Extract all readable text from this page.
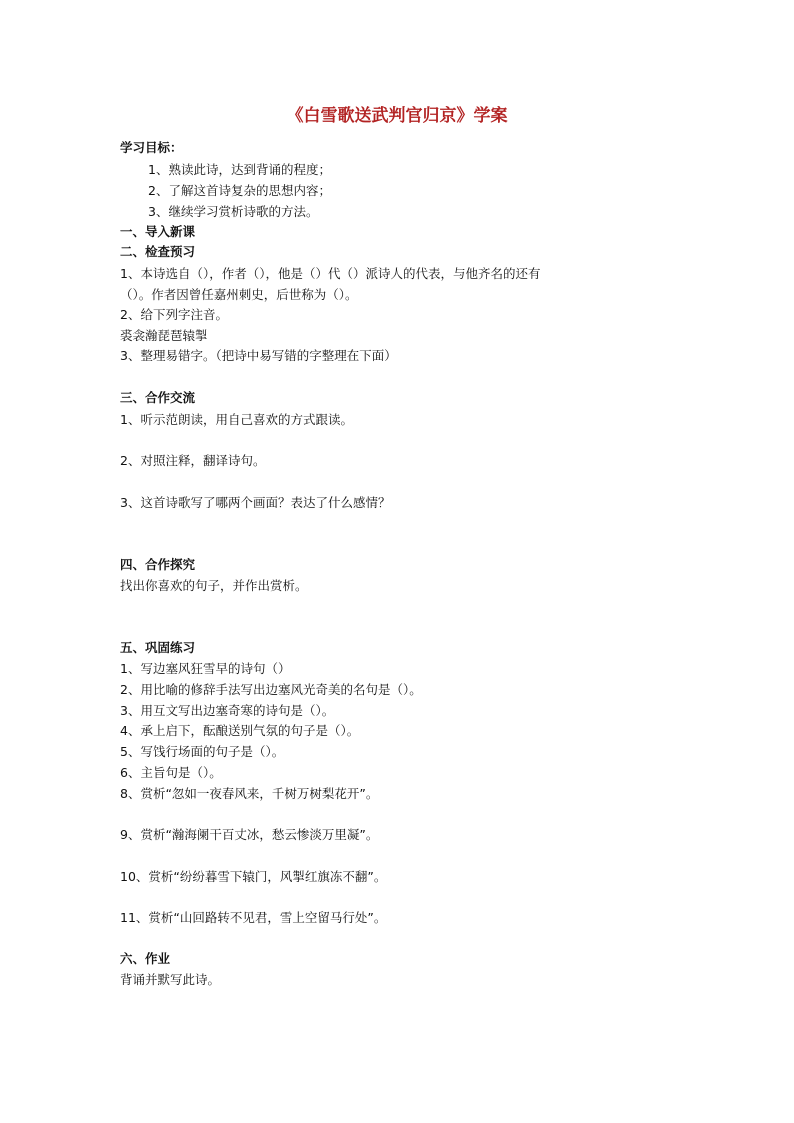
《白雪歌送武判官归京》学案
学习目标：
1、熟读此诗，达到背诵的程度；
2、了解这首诗复杂的思想内容；
3、继续学习赏析诗歌的方法。
一、导入新课
二、检查预习
1、本诗选自（），作者（），他是（）代（）派诗人的代表，与他齐名的还有
（）。作者因曾任嘉州刺史，后世称为（）。
2、给下列字注音。
裘衾瀚琵琶辕掣
3、整理易错字。（把诗中易写错的字整理在下面）
三、合作交流
1、听示范朗读，用自己喜欢的方式跟读。
2、对照注释，翻译诗句。
3、这首诗歌写了哪两个画面？表达了什么感情？
四、合作探究
找出你喜欢的句子，并作出赏析。
五、巩固练习
1、写边塞风狂雪早的诗句（）
2、用比喻的修辞手法写出边塞风光奇美的名句是（）。
3、用互文写出边塞奇寒的诗句是（）。
4、承上启下，酝酿送别气氛的句子是（）。
5、写饯行场面的句子是（）。
6、主旨句是（）。
8、赏析“忽如一夜春风来，千树万树梨花开”。
9、赏析“瀚海阑干百丈冰，愁云惨淡万里凝”。
10、赏析“纷纷暮雪下辕门，风掣红旗冻不翻”。
11、赏析“山回路转不见君，雪上空留马行处”。
六、作业
背诵并默写此诗。
